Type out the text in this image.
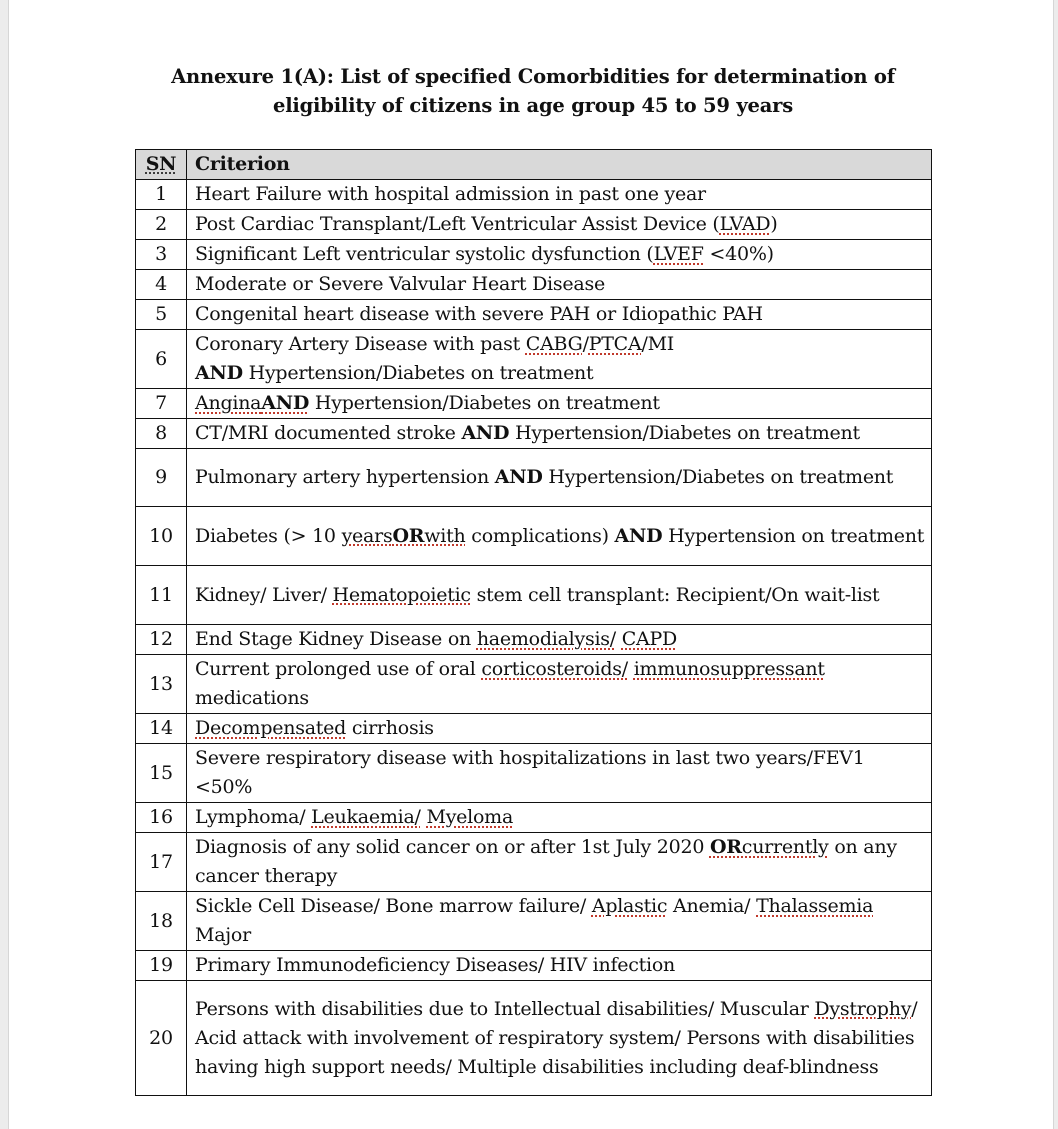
Annexure 1(A): List of specified Comorbidities for determination of
eligibility of citizens in age group 45 to 59 years
SN	Criterion
1	Heart Failure with hospital admission in past one year
2	Post Cardiac Transplant/Left Ventricular Assist Device (LVAD)
3	Significant Left ventricular systolic dysfunction (LVEF <40%)
4	Moderate or Severe Valvular Heart Disease
5	Congenital heart disease with severe PAH or Idiopathic PAH
6	Coronary Artery Disease with past CABG/PTCA/MI
AND Hypertension/Diabetes on treatment
7	AnginaAND Hypertension/Diabetes on treatment
8	CT/MRI documented stroke AND Hypertension/Diabetes on treatment
9	Pulmonary artery hypertension AND Hypertension/Diabetes on treatment
10	Diabetes (> 10 yearsORwith complications) AND Hypertension on treatment
11	Kidney/ Liver/ Hematopoietic stem cell transplant: Recipient/On wait-list
12	End Stage Kidney Disease on haemodialysis/ CAPD
13	Current prolonged use of oral corticosteroids/ immunosuppressant medications
14	Decompensated cirrhosis
15	Severe respiratory disease with hospitalizations in last two years/FEV1 <50%
16	Lymphoma/ Leukaemia/ Myeloma
17	Diagnosis of any solid cancer on or after 1st July 2020 ORcurrently on any cancer therapy
18	Sickle Cell Disease/ Bone marrow failure/ Aplastic Anemia/ Thalassemia Major
19	Primary Immunodeficiency Diseases/ HIV infection
20	Persons with disabilities due to Intellectual disabilities/ Muscular Dystrophy/ Acid attack with involvement of respiratory system/ Persons with disabilities having high support needs/ Multiple disabilities including deaf-blindness
